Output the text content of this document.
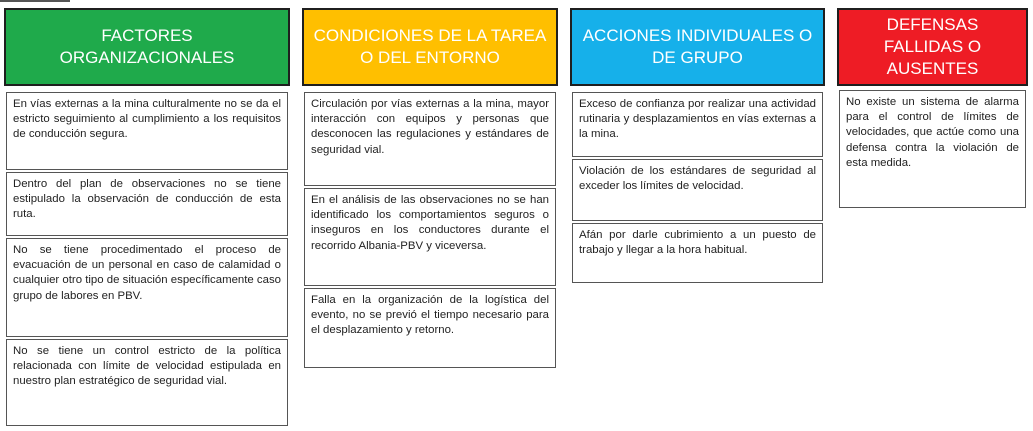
FACTORES ORGANIZACIONALES
En vías externas a la mina culturalmente no se da el estricto seguimiento al cumplimiento a los requisitos de conducción segura.
Dentro del plan de observaciones no se tiene estipulado la observación de conducción de esta ruta.
No se tiene procedimentado el proceso de evacuación de un personal en caso de calamidad o cualquier otro tipo de situación específicamente caso grupo de labores en PBV.
No se tiene un control estricto de la política relacionada con límite de velocidad estipulada en nuestro plan estratégico de seguridad vial.
CONDICIONES DE LA TAREA O DEL ENTORNO
Circulación por vías externas a la mina, mayor interacción con equipos y personas que desconocen las regulaciones y estándares de seguridad vial.
En el análisis de las observaciones no se han identificado los comportamientos seguros o inseguros en los conductores durante el recorrido Albania-PBV y viceversa.
Falla en la organización de la logística del evento, no se previó el tiempo necesario para el desplazamiento y retorno.
ACCIONES INDIVIDUALES O DE GRUPO
Exceso de confianza por realizar una actividad rutinaria y desplazamientos en vías externas a la mina.
Violación de los estándares de seguridad al exceder los límites de velocidad.
Afán por darle cubrimiento a un puesto de trabajo y llegar a la hora habitual.
DEFENSAS FALLIDAS O AUSENTES
No existe un sistema de alarma para el control de límites de velocidades, que actúe como una defensa contra la violación de esta medida.
